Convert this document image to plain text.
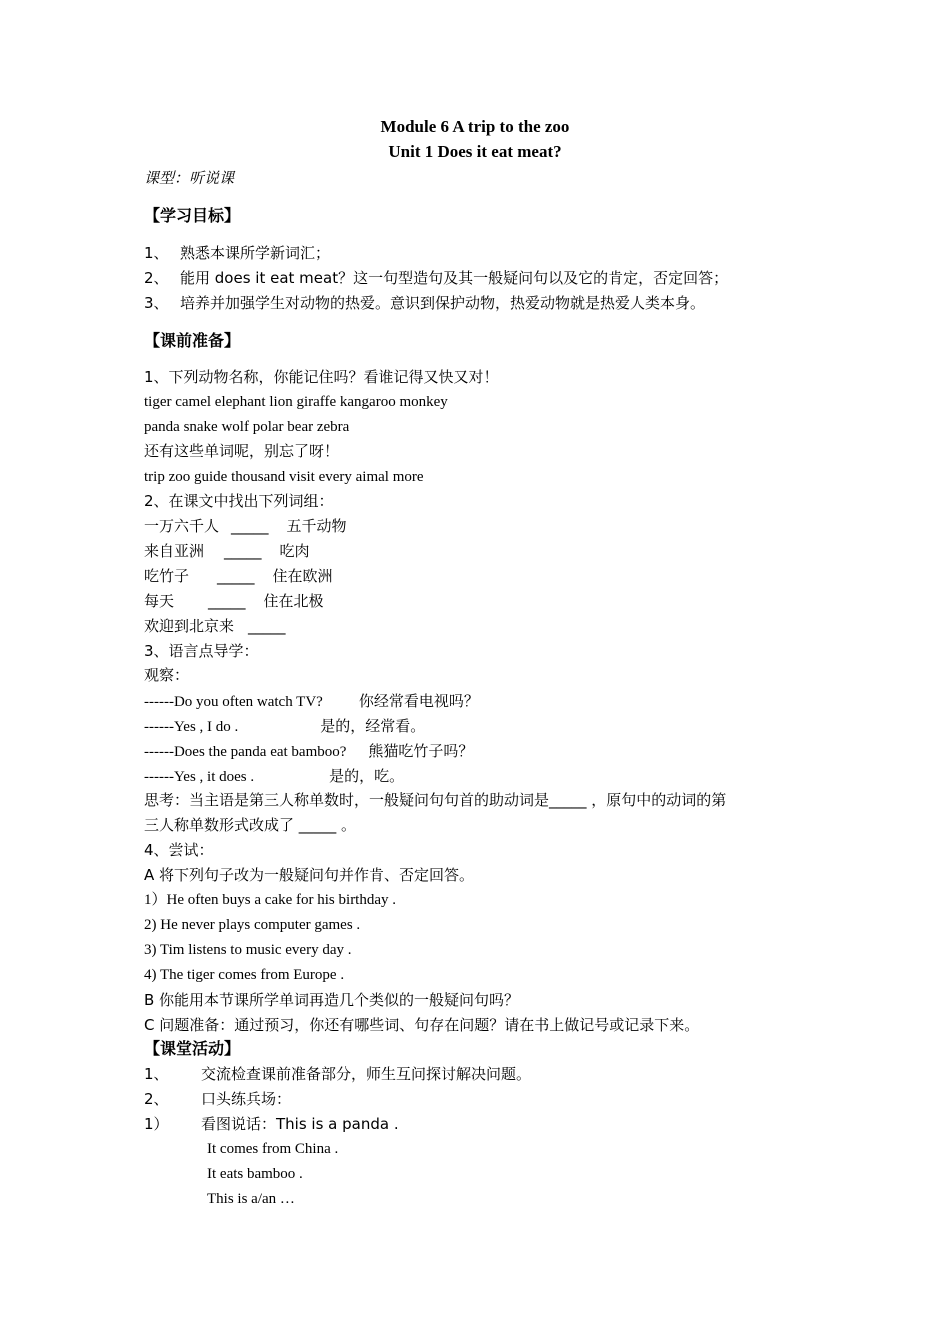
Module 6 A trip to the zoo
Unit 1 Does it eat meat?
课型：听说课
【学习目标】
1、 熟悉本课所学新词汇；
2、 能用 does it eat meat？这一句型造句及其一般疑问句以及它的肯定，否定回答；
3、 培养并加强学生对动物的热爱。意识到保护动物，热爱动物就是热爱人类本身。
【课前准备】
1、下列动物名称，你能记住吗？看谁记得又快又对！
tiger camel elephant lion giraffe kangaroo monkey
panda snake wolf polar bear zebra
还有这些单词呢，别忘了呀！
trip zoo guide thousand visit every aimal more
2、在课文中找出下列词组：
一万六千人 _____ 五千动物
来自亚洲 _____ 吃肉
吃竹子 _____ 住在欧洲
每天 _____ 住在北极
欢迎到北京来 _____
3、语言点导学：
观察：
------Do you often watch TV? 你经常看电视吗？
------Yes , I do .	是的，经常看。
------Does the panda eat bamboo? 熊猫吃竹子吗？
------Yes , it does .	是的，吃。
思考：当主语是第三人称单数时，一般疑问句句首的助动词是_____ ，原句中的动词的第
三人称单数形式改成了 _____ 。
4、尝试：
A 将下列句子改为一般疑问句并作肯、否定回答。
1）He often buys a cake for his birthday .
2) He never plays computer games .
3) Tim listens to music every day .
4) The tiger comes from Europe .
B 你能用本节课所学单词再造几个类似的一般疑问句吗？
C 问题准备：通过预习，你还有哪些词、句存在问题？请在书上做记号或记录下来。
【课堂活动】
1、 交流检查课前准备部分，师生互问探讨解决问题。
2、 口头练兵场：
1） 看图说话：This is a panda .
It comes from China .
It eats bamboo .
This is a/an …
